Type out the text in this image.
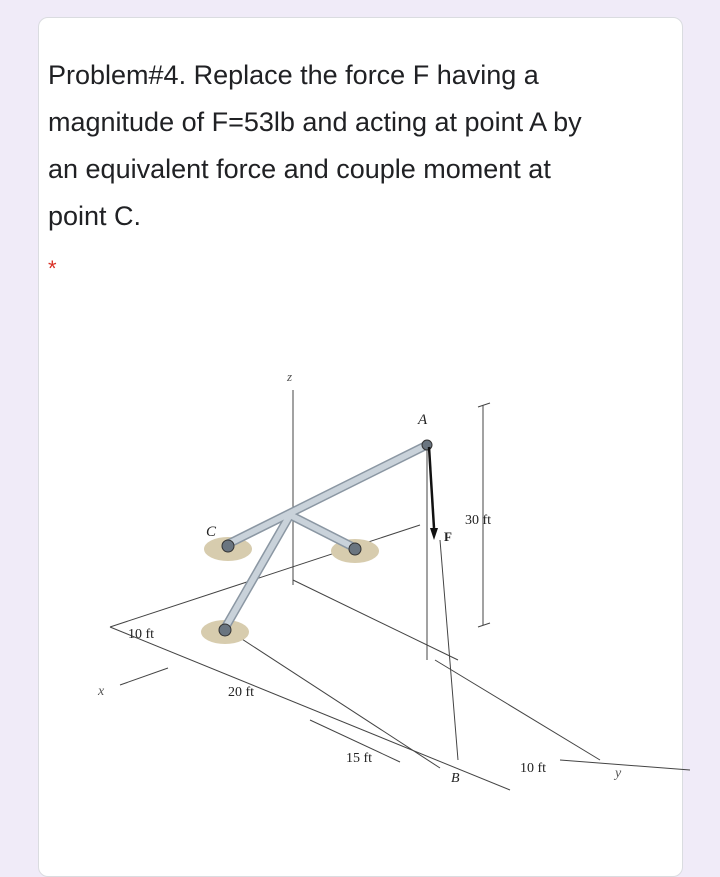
Problem#4. Replace the force F having a magnitude of F=53lb and acting at point A by an equivalent force and couple moment at point C.
*
z
A
C	F
30 ft
10 ft
x	20 ft
15 ft
B
10 ft	y
